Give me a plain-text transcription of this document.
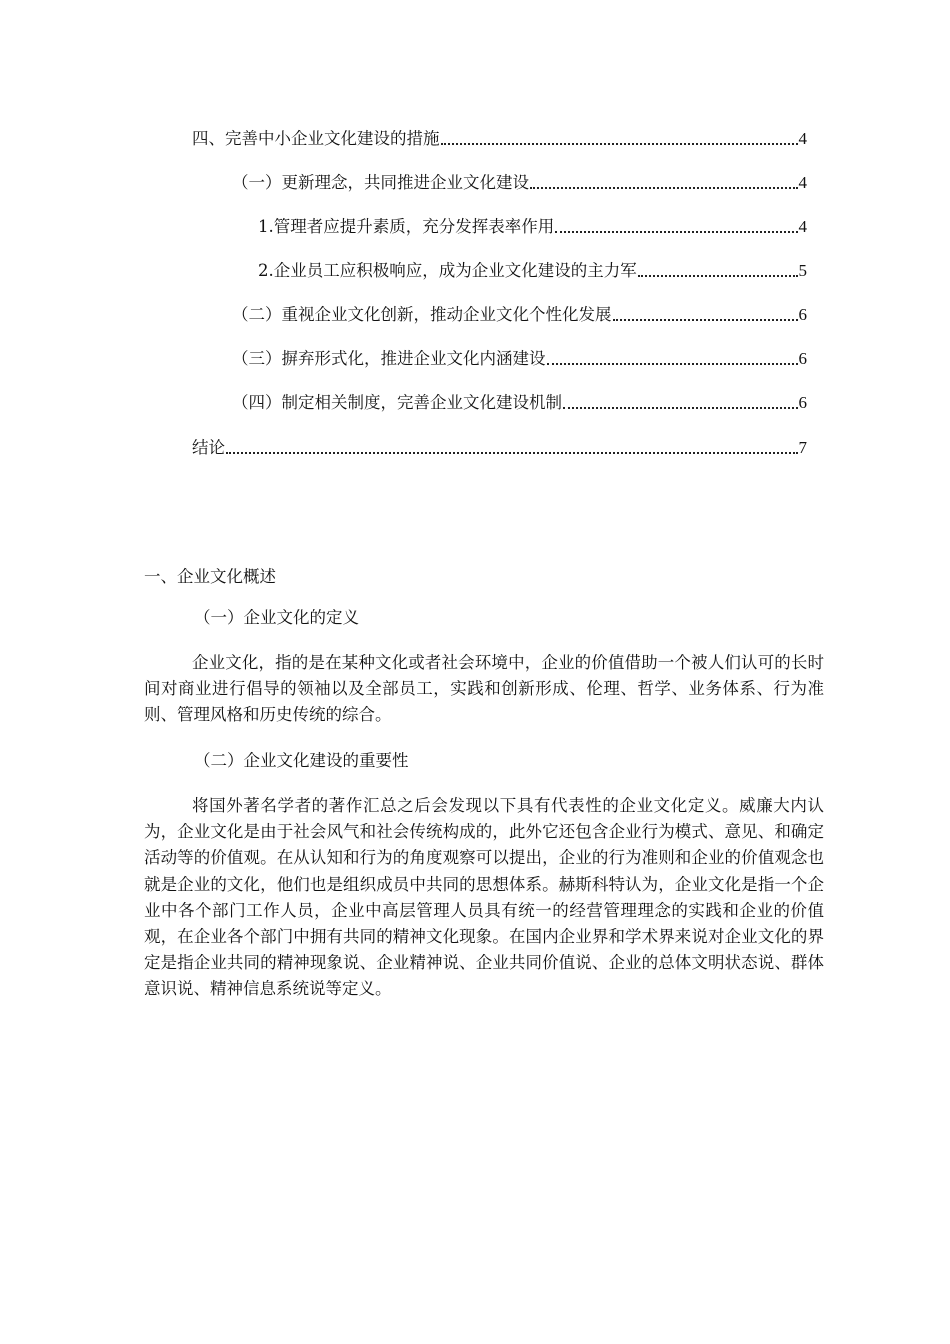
四、完善中小企业文化建设的措施	4
（一）更新理念，共同推进企业文化建设	4
1.管理者应提升素质，充分发挥表率作用	4
2.企业员工应积极响应，成为企业文化建设的主力军	5
（二）重视企业文化创新，推动企业文化个性化发展	6
（三）摒弃形式化，推进企业文化内涵建设	6
（四）制定相关制度，完善企业文化建设机制	6
结论	7
一、企业文化概述
（一）企业文化的定义

企业文化，指的是在某种文化或者社会环境中，企业的价值借助一个被人们认可的长时间对商业进行倡导的领袖以及全部员工，实践和创新形成、伦理、哲学、业务体系、行为准则、管理风格和历史传统的综合。

（二）企业文化建设的重要性

将国外著名学者的著作汇总之后会发现以下具有代表性的企业文化定义。威廉大内认为，企业文化是由于社会风气和社会传统构成的，此外它还包含企业行为模式、意见、和确定活动等的价值观。在从认知和行为的角度观察可以提出，企业的行为准则和企业的价值观念也就是企业的文化，他们也是组织成员中共同的思想体系。赫斯科特认为，企业文化是指一个企业中各个部门工作人员，企业中高层管理人员具有统一的经营管理理念的实践和企业的价值观，在企业各个部门中拥有共同的精神文化现象。在国内企业界和学术界来说对企业文化的界定是指企业共同的精神现象说、企业精神说、企业共同价值说、企业的总体文明状态说、群体意识说、精神信息系统说等定义。
